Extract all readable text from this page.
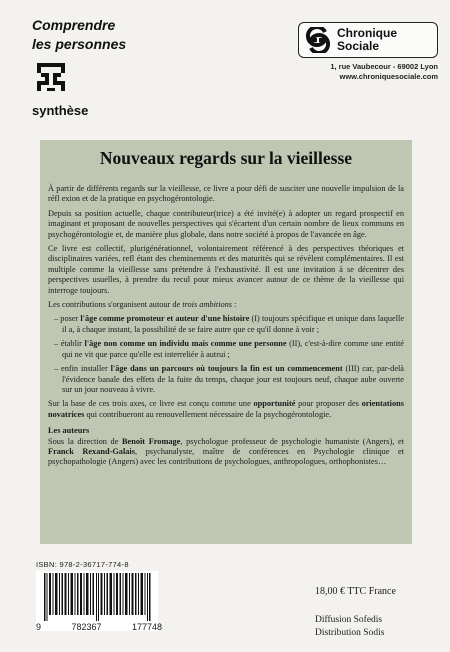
Comprendre
les personnes
synthèse
Chronique
Sociale
1, rue Vaubecour - 69002 Lyon
www.chroniquesociale.com
Nouveaux regards sur la vieillesse

À partir de différents regards sur la vieillesse, ce livre a pour défi de susciter une nouvelle impulsion de la réfl exion et de la pratique en psychogérontologie.

Depuis sa position actuelle, chaque contributeur(trice) a été invité(e) à adopter un regard prospectif en imaginant et proposant de nouvelles perspectives qui s'écartent d'un certain nombre de lieux communs en psychogérontologie et, de manière plus globale, dans notre société à propos de l'avancée en âge.

Ce livre est collectif, plurigénérationnel, volontairement référencé à des perspectives théoriques et disciplinaires variées, refl étant des cheminements et des maturités qui se révèlent complémentaires. Il est multiple comme la vieillesse sans prétendre à l'exhaustivité. Il est une invitation à se décentrer des perspectives usuelles, à prendre du recul pour mieux avancer autour de ce thème de la vieillesse qui interroge toujours.

Les contributions s'organisent autour de trois ambitions :

– poser l'âge comme promoteur et auteur d'une histoire (I) toujours spécifique et unique dans laquelle il a, à chaque instant, la possibilité de se faire autre que ce qu'il donne à voir ;
– établir l'âge non comme un individu mais comme une personne (II), c'est-à-dire comme une entité qui ne vit que parce qu'elle est interreliée à autrui ;
– enfin installer l'âge dans un parcours où toujours la fin est un commencement (III) car, par-delà l'évidence banale des effets de la fuite du temps, chaque jour est toujours neuf, chaque aube ouverte sur un jour nouveau à vivre.

Sur la base de ces trois axes, ce livre est conçu comme une opportunité pour proposer des orientations novatrices qui contribueront au renouvellement nécessaire de la psychogérontologie.

Les auteurs

Sous la direction de Benoît Fromage, psychologue professeur de psychologie humaniste (Angers), et Franck Rexand-Galais, psychanalyste, maître de conférences en Psychologie clinique et psychopathologie (Angers) avec les contributions de psychologues, anthropologues, orthophonistes…

ISBN: 978-2-36717-774-8
9	782367	177748
18,00 € TTC France
Diffusion Sofedis
Distribution Sodis
